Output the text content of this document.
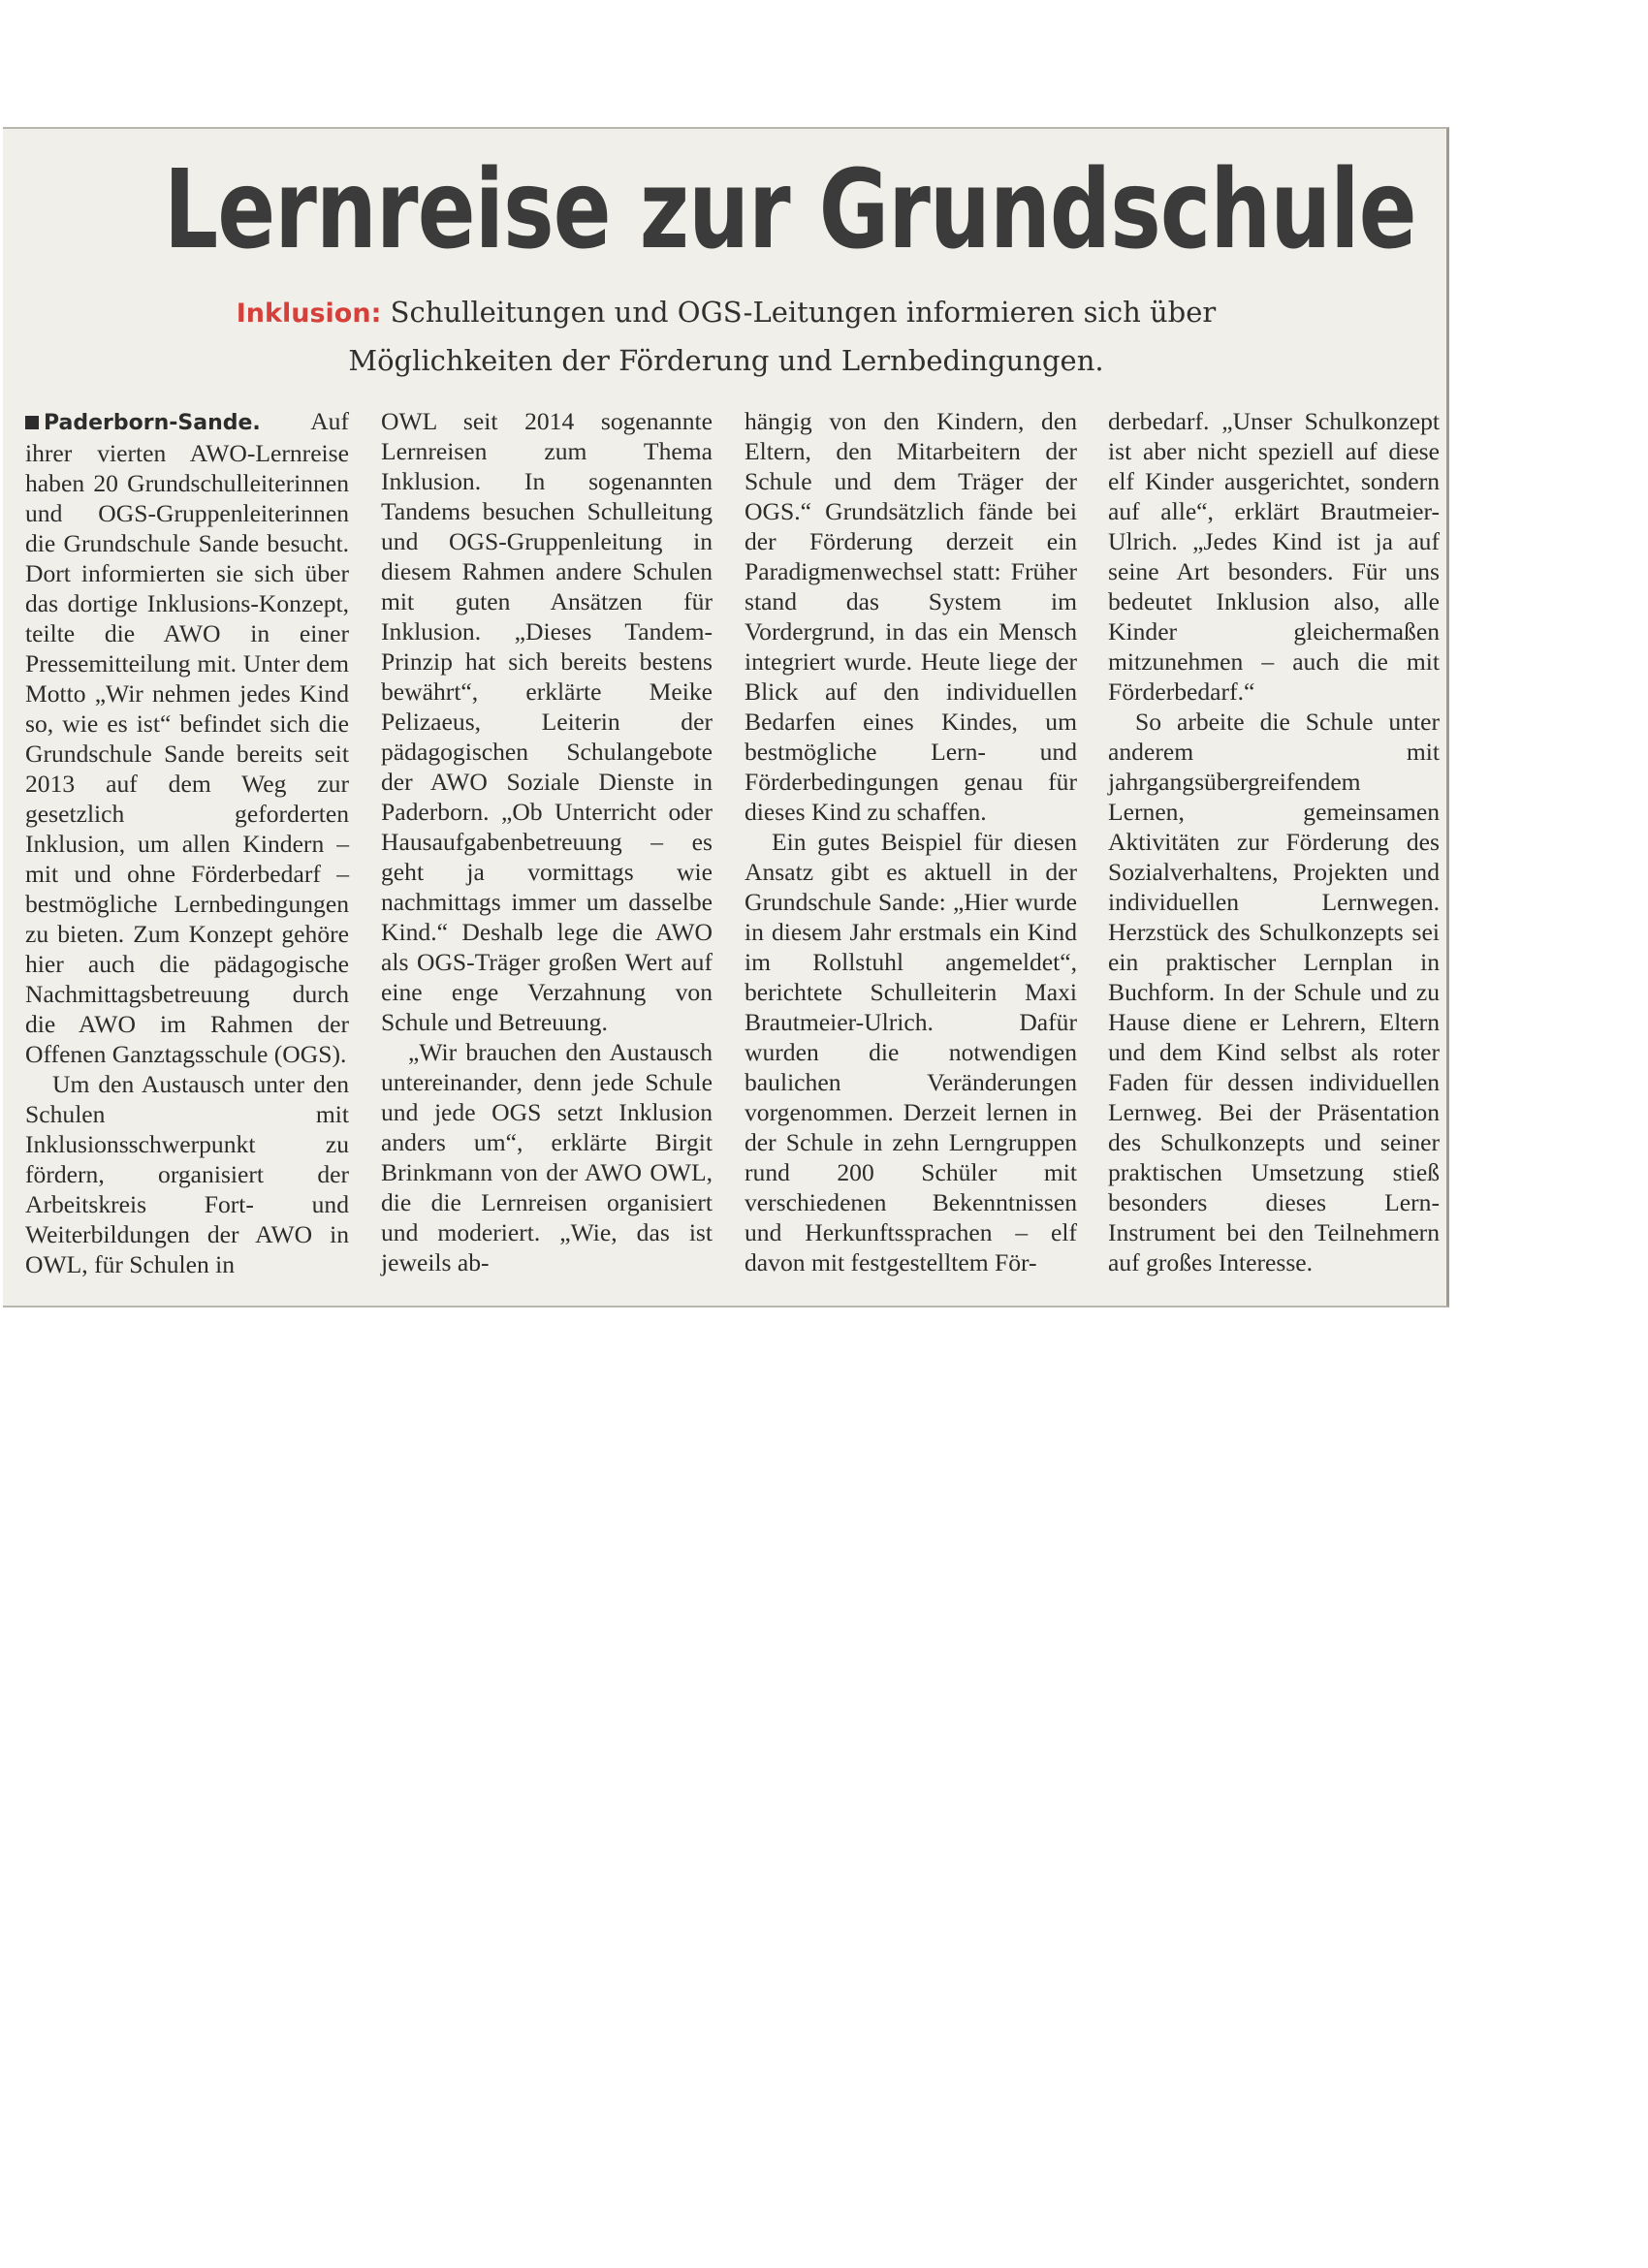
Lernreise zur Grundschule
Inklusion: Schulleitungen und OGS-Leitungen informieren sich über
Möglichkeiten der Förderung und Lernbedingungen.

Paderborn-Sande. Auf ihrer vierten AWO-Lernreise haben 20 Grundschulleiterinnen und OGS-Gruppenleiterinnen die Grundschule Sande besucht. Dort informierten sie sich über das dortige Inklusions-Konzept, teilte die AWO in einer Pressemitteilung mit. Unter dem Motto „Wir nehmen jedes Kind so, wie es ist“ befindet sich die Grundschule Sande bereits seit 2013 auf dem Weg zur gesetzlich geforderten Inklusion, um allen Kindern – mit und ohne Förderbedarf – bestmögliche Lernbedingungen zu bieten. Zum Konzept gehöre hier auch die pädagogische Nachmittagsbetreuung durch die AWO im Rahmen der Offenen Ganztagsschule (OGS).

Um den Austausch unter den Schulen mit Inklusionsschwerpunkt zu fördern, organisiert der Arbeitskreis Fort- und Weiterbildungen der AWO in OWL, für Schulen in

OWL seit 2014 sogenannte Lernreisen zum Thema Inklusion. In sogenannten Tandems besuchen Schulleitung und OGS-Gruppenleitung in diesem Rahmen andere Schulen mit guten Ansätzen für Inklusion. „Dieses Tandem-Prinzip hat sich bereits bestens bewährt“, erklärte Meike Pelizaeus, Leiterin der pädagogischen Schulangebote der AWO Soziale Dienste in Paderborn. „Ob Unterricht oder Hausaufgabenbetreuung – es geht ja vormittags wie nachmittags immer um dasselbe Kind.“ Deshalb lege die AWO als OGS-Träger großen Wert auf eine enge Verzahnung von Schule und Betreuung.

„Wir brauchen den Austausch untereinander, denn jede Schule und jede OGS setzt Inklusion anders um“, erklärte Birgit Brinkmann von der AWO OWL, die die Lernreisen organisiert und moderiert. „Wie, das ist jeweils ab-

hängig von den Kindern, den Eltern, den Mitarbeitern der Schule und dem Träger der OGS.“ Grundsätzlich fände bei der Förderung derzeit ein Paradigmenwechsel statt: Früher stand das System im Vordergrund, in das ein Mensch integriert wurde. Heute liege der Blick auf den individuellen Bedarfen eines Kindes, um bestmögliche Lern- und Förderbedingungen genau für dieses Kind zu schaffen.

Ein gutes Beispiel für diesen Ansatz gibt es aktuell in der Grundschule Sande: „Hier wurde in diesem Jahr erstmals ein Kind im Rollstuhl angemeldet“, berichtete Schulleiterin Maxi Brautmeier-Ulrich. Dafür wurden die notwendigen baulichen Veränderungen vorgenommen. Derzeit lernen in der Schule in zehn Lerngruppen rund 200 Schüler mit verschiedenen Bekenntnissen und Herkunftssprachen – elf davon mit festgestelltem För-

derbedarf. „Unser Schulkonzept ist aber nicht speziell auf diese elf Kinder ausgerichtet, sondern auf alle“, erklärt Brautmeier-Ulrich. „Jedes Kind ist ja auf seine Art besonders. Für uns bedeutet Inklusion also, alle Kinder gleichermaßen mitzunehmen – auch die mit Förderbedarf.“

So arbeite die Schule unter anderem mit jahrgangsübergreifendem Lernen, gemeinsamen Aktivitäten zur Förderung des Sozialverhaltens, Projekten und individuellen Lernwegen. Herzstück des Schulkonzepts sei ein praktischer Lernplan in Buchform. In der Schule und zu Hause diene er Lehrern, Eltern und dem Kind selbst als roter Faden für dessen individuellen Lernweg. Bei der Präsentation des Schulkonzepts und seiner praktischen Umsetzung stieß besonders dieses Lern-Instrument bei den Teilnehmern auf großes Interesse.
